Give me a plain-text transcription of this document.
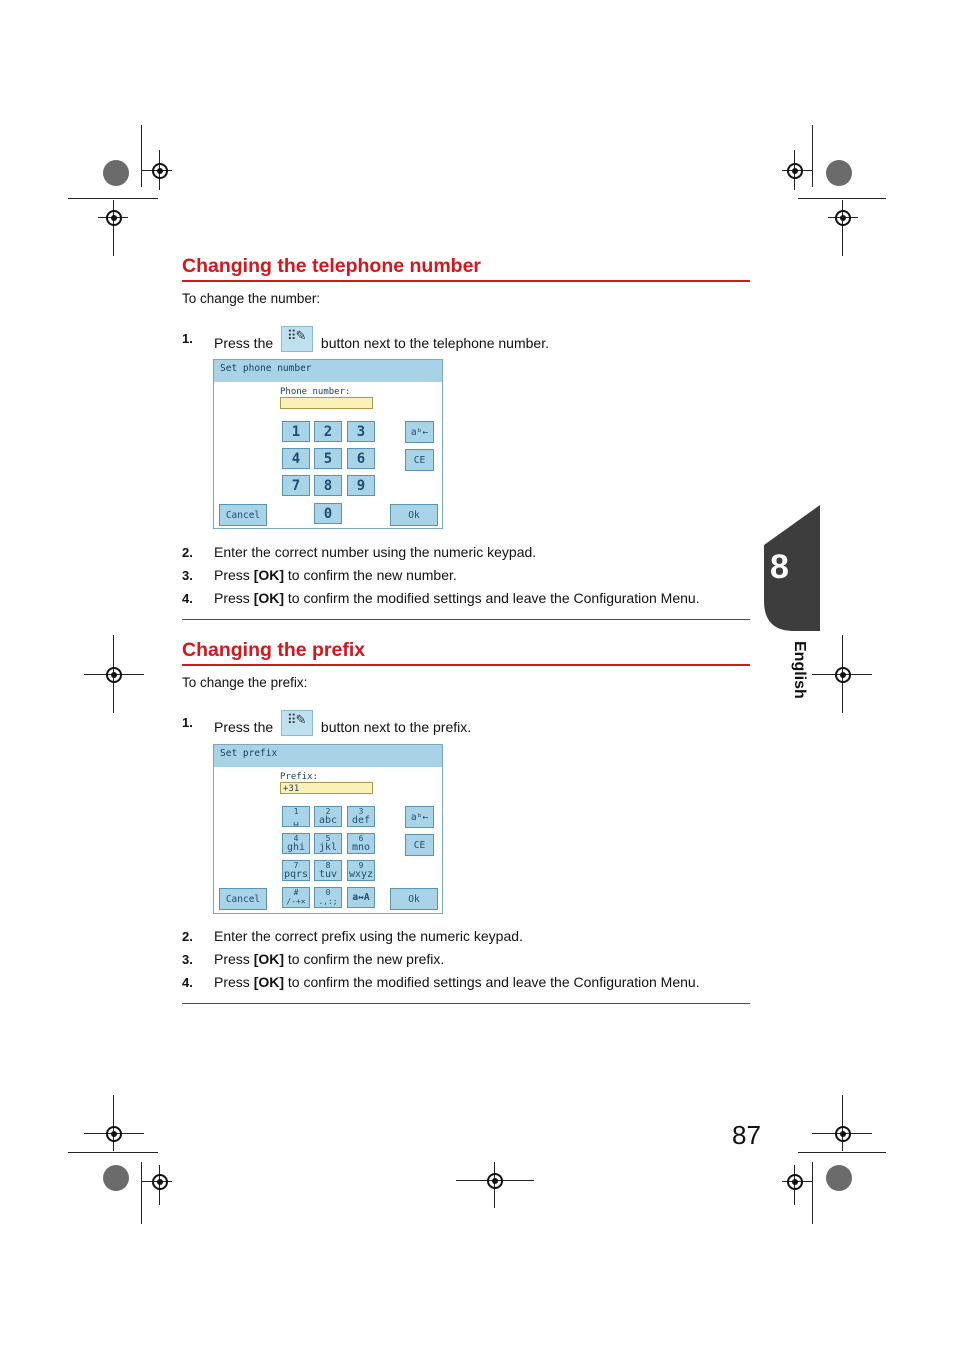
Changing the telephone number
To change the number:
1. Press the ⠿✎ button next to the telephone number.
Set phone number
Phone number:
1	2	3
4	5	6
7	8	9
0
a͏ᵇ←
CE
Cancel	Ok
2. Enter the correct number using the numeric keypad.
3. Press [OK] to confirm the new number.
4. Press [OK] to confirm the modified settings and leave the Configuration Menu.
Changing the prefix
To change the prefix:
1. Press the ⠿✎ button next to the prefix.
Set prefix
Prefix:
+31
1
␣
2
abc
3
def
4
ghi
5
jkl
6
mno
7
pqrs
8
tuv
9
wxyz
#
/-+×
0
.,:;	a↔A
a͏ᵇ←
CE
Cancel	Ok
2. Enter the correct prefix using the numeric keypad.
3. Press [OK] to confirm the new prefix.
4. Press [OK] to confirm the modified settings and leave the Configuration Menu.
8
English
87
